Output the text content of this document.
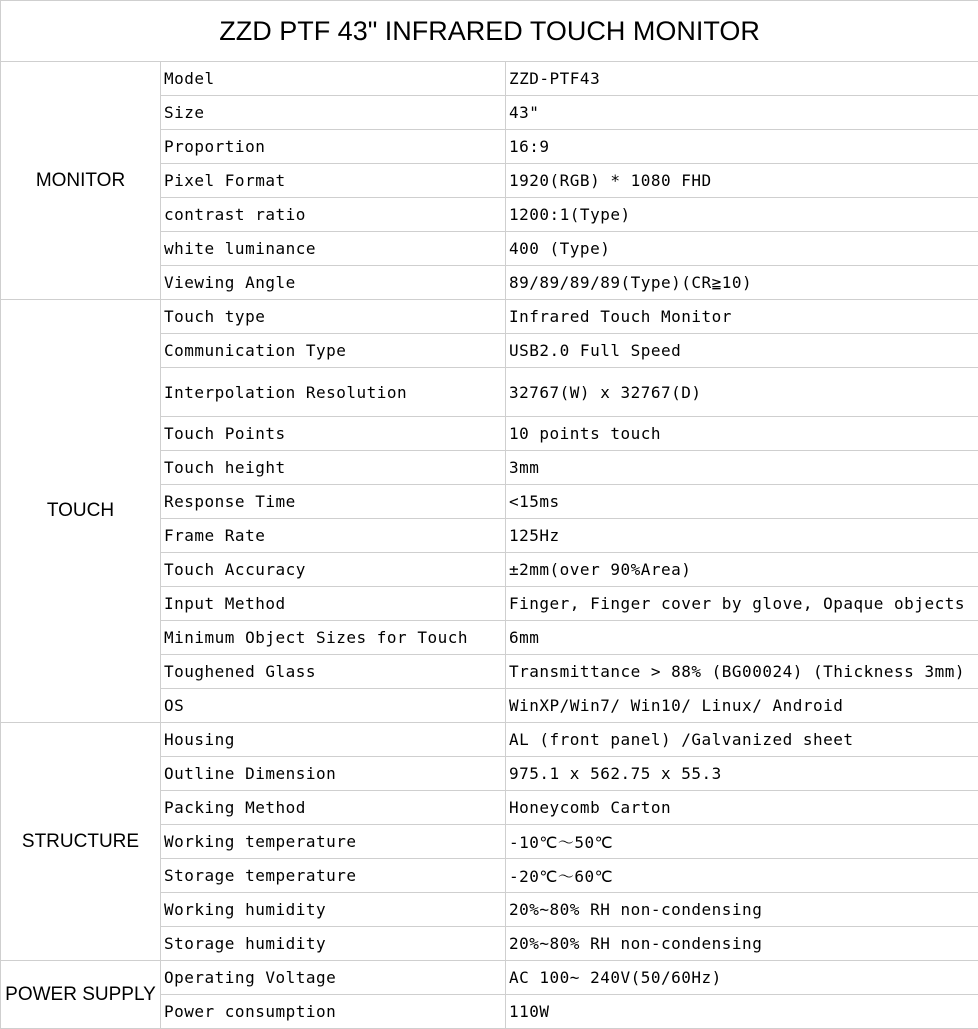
ZZD PTF 43" INFRARED TOUCH MONITOR		
MONITOR	Model	ZZD-PTF43
	Size	43"
	Proportion	16:9
	Pixel Format	1920(RGB) * 1080 FHD
	contrast ratio	1200:1(Type)
	white luminance	400 (Type)
	Viewing Angle	89/89/89/89(Type)(CR≧10)
TOUCH	Touch type	Infrared Touch Monitor
	Communication Type	USB2.0 Full Speed
	Interpolation Resolution	32767(W) x 32767(D)
	Touch Points	10 points touch
	Touch height	3mm
	Response Time	<15ms
	Frame Rate	125Hz
	Touch Accuracy	±2mm(over 90%Area)
	Input Method	Finger, Finger cover by glove, Opaque objects
	Minimum Object Sizes for Touch	6mm
	Toughened Glass	Transmittance > 88% (BG00024) (Thickness 3mm)
	OS	WinXP/Win7/ Win10/ Linux/ Android
STRUCTURE	Housing	AL (front panel) /Galvanized sheet
	Outline Dimension	975.1 x 562.75 x 55.3
	Packing Method	Honeycomb Carton
	Working temperature	-10℃～50℃
	Storage temperature	-20℃～60℃
	Working humidity	20%~80% RH non-condensing
	Storage humidity	20%~80% RH non-condensing
POWER SUPPLY	Operating Voltage	AC 100~ 240V(50/60Hz)
	Power consumption	110W
